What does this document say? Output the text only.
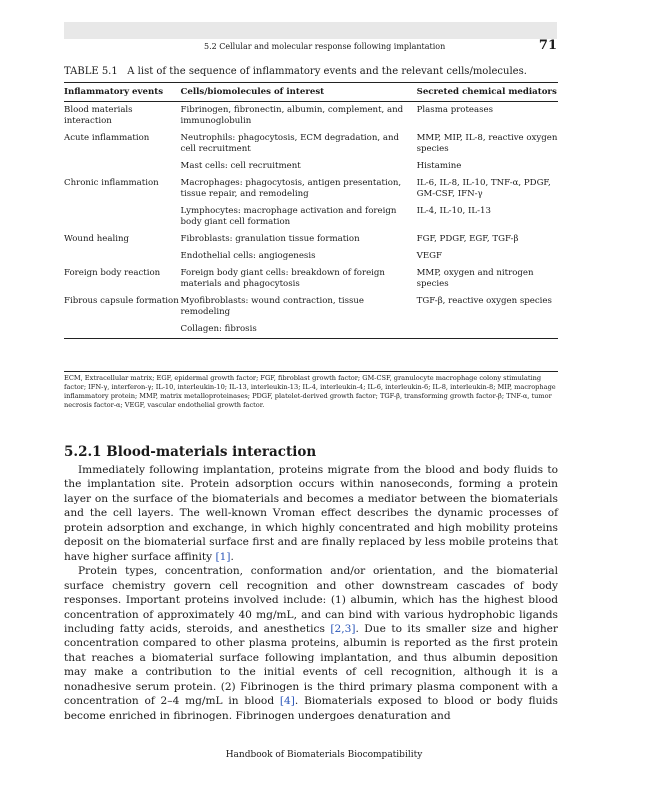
5.2 Cellular and molecular response following implantation	71
TABLE 5.1 A list of the sequence of inflammatory events and the relevant cells/molecules.
Inflammatory events	Cells/biomolecules of interest	Secreted chemical mediators
Blood materials interaction	Fibrinogen, fibronectin, albumin, complement, and immunoglobulin	Plasma proteases
Acute inflammation	Neutrophils: phagocytosis, ECM degradation, and cell recruitment	MMP, MIP, IL-8, reactive oxygen species
	Mast cells: cell recruitment	Histamine
Chronic inflammation	Macrophages: phagocytosis, antigen presentation, tissue repair, and remodeling	IL-6, IL-8, IL-10, TNF-α, PDGF, GM-CSF, IFN-γ
	Lymphocytes: macrophage activation and foreign body giant cell formation	IL-4, IL-10, IL-13
Wound healing	Fibroblasts: granulation tissue formation	FGF, PDGF, EGF, TGF-β
	Endothelial cells: angiogenesis	VEGF
Foreign body reaction	Foreign body giant cells: breakdown of foreign materials and phagocytosis	MMP, oxygen and nitrogen species
Fibrous capsule formation	Myofibroblasts: wound contraction, tissue remodeling	TGF-β, reactive oxygen species
	Collagen: fibrosis	
ECM, Extracellular matrix; EGF, epidermal growth factor; FGF, fibroblast growth factor; GM-CSF, granulocyte macrophage colony stimulating factor; IFN-γ, interferon-γ; IL-10, interleukin-10; IL-13, interleukin-13; IL-4, interleukin-4; IL-6, interleukin-6; IL-8, interleukin-8; MIP, macrophage inflammatory protein; MMP, matrix metalloproteinases; PDGF, platelet-derived growth factor; TGF-β, transforming growth factor-β; TNF-α, tumor necrosis factor-α; VEGF, vascular endothelial growth factor.
5.2.1 Blood-materials interaction

Immediately following implantation, proteins migrate from the blood and body fluids to the implantation site. Protein adsorption occurs within nanoseconds, forming a protein layer on the surface of the biomaterials and becomes a mediator between the biomaterials and the cell layers. The well-known Vroman effect describes the dynamic processes of protein adsorption and exchange, in which highly concentrated and high mobility proteins deposit on the biomaterial surface first and are finally replaced by less mobile proteins that have higher surface affinity [1].

Protein types, concentration, conformation and/or orientation, and the biomaterial surface chemistry govern cell recognition and other downstream cascades of body responses. Important proteins involved include: (1) albumin, which has the highest blood concentration of approximately 40 mg/mL, and can bind with various hydrophobic ligands including fatty acids, steroids, and anesthetics [2,3]. Due to its smaller size and higher concentration compared to other plasma proteins, albumin is reported as the first protein that reaches a biomaterial surface following implantation, and thus albumin deposition may make a contribution to the initial events of cell recognition, although it is a nonadhesive serum protein. (2) Fibrinogen is the third primary plasma component with a concentration of 2–4 mg/mL in blood [4]. Biomaterials exposed to blood or body fluids become enriched in fibrinogen. Fibrinogen undergoes denaturation and

Handbook of Biomaterials Biocompatibility
